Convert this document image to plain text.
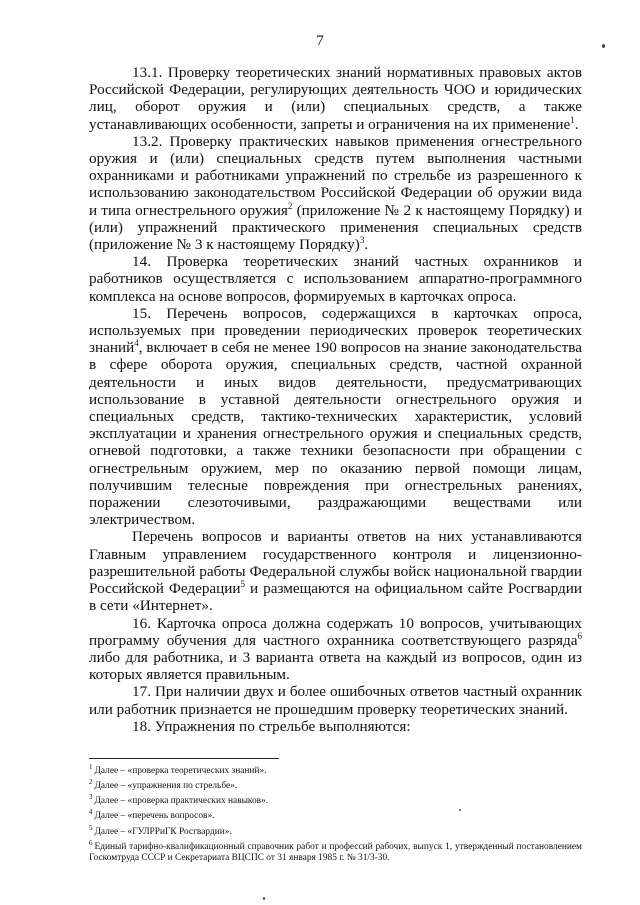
7

13.1. Проверку теоретических знаний нормативных правовых актов Российской Федерации, регулирующих деятельность ЧОО и юридических лиц, оборот оружия и (или) специальных средств, а также устанавливающих особенности, запреты и ограничения на их применение$^1$.

13.2. Проверку практических навыков применения огнестрельного оружия и (или) специальных средств путем выполнения частными охранниками и работниками упражнений по стрельбе из разрешенного к использованию законодательством Российской Федерации об оружии вида и типа огнестрельного оружия$^2$ (приложение № 2 к настоящему Порядку) и (или) упражнений практического применения специальных средств (приложение № 3 к настоящему Порядку)$^3$.

14. Проверка теоретических знаний частных охранников и работников осуществляется с использованием аппаратно-программного комплекса на основе вопросов, формируемых в карточках опроса.

15. Перечень вопросов, содержащихся в карточках опроса, используемых при проведении периодических проверок теоретических знаний$^4$, включает в себя не менее 190 вопросов на знание законодательства в сфере оборота оружия, специальных средств, частной охранной деятельности и иных видов деятельности, предусматривающих использование в уставной деятельности огнестрельного оружия и специальных средств, тактико-технических характеристик, условий эксплуатации и хранения огнестрельного оружия и специальных средств, огневой подготовки, а также техники безопасности при обращении с огнестрельным оружием, мер по оказанию первой помощи лицам, получившим телесные повреждения при огнестрельных ранениях, поражении слезоточивыми, раздражающими веществами или электричеством.

Перечень вопросов и варианты ответов на них устанавливаются Главным управлением государственного контроля и лицензионно-разрешительной работы Федеральной службы войск национальной гвардии Российской Федерации$^5$ и размещаются на официальном сайте Росгвардии в сети «Интернет».

16. Карточка опроса должна содержать 10 вопросов, учитывающих программу обучения для частного охранника соответствующего разряда$^6$ либо для работника, и 3 варианта ответа на каждый из вопросов, один из которых является правильным.

17. При наличии двух и более ошибочных ответов частный охранник или работник признается не прошедшим проверку теоретических знаний.

18. Упражнения по стрельбе выполняются:

$^1$ Далее – «проверка теоретических знаний».

$^2$ Далее – «упражнения по стрельбе».

$^3$ Далее – «проверка практических навыков».

$^4$ Далее – «перечень вопросов».

$^5$ Далее – «ГУЛРРиГК Росгвардии».

$^6$ Единый тарифно-квалификационный справочник работ и профессий рабочих, выпуск 1, утвержденный постановлением Госкомтруда СССР и Секретариата ВЦСПС от 31 января 1985 г. № 31/3-30.
